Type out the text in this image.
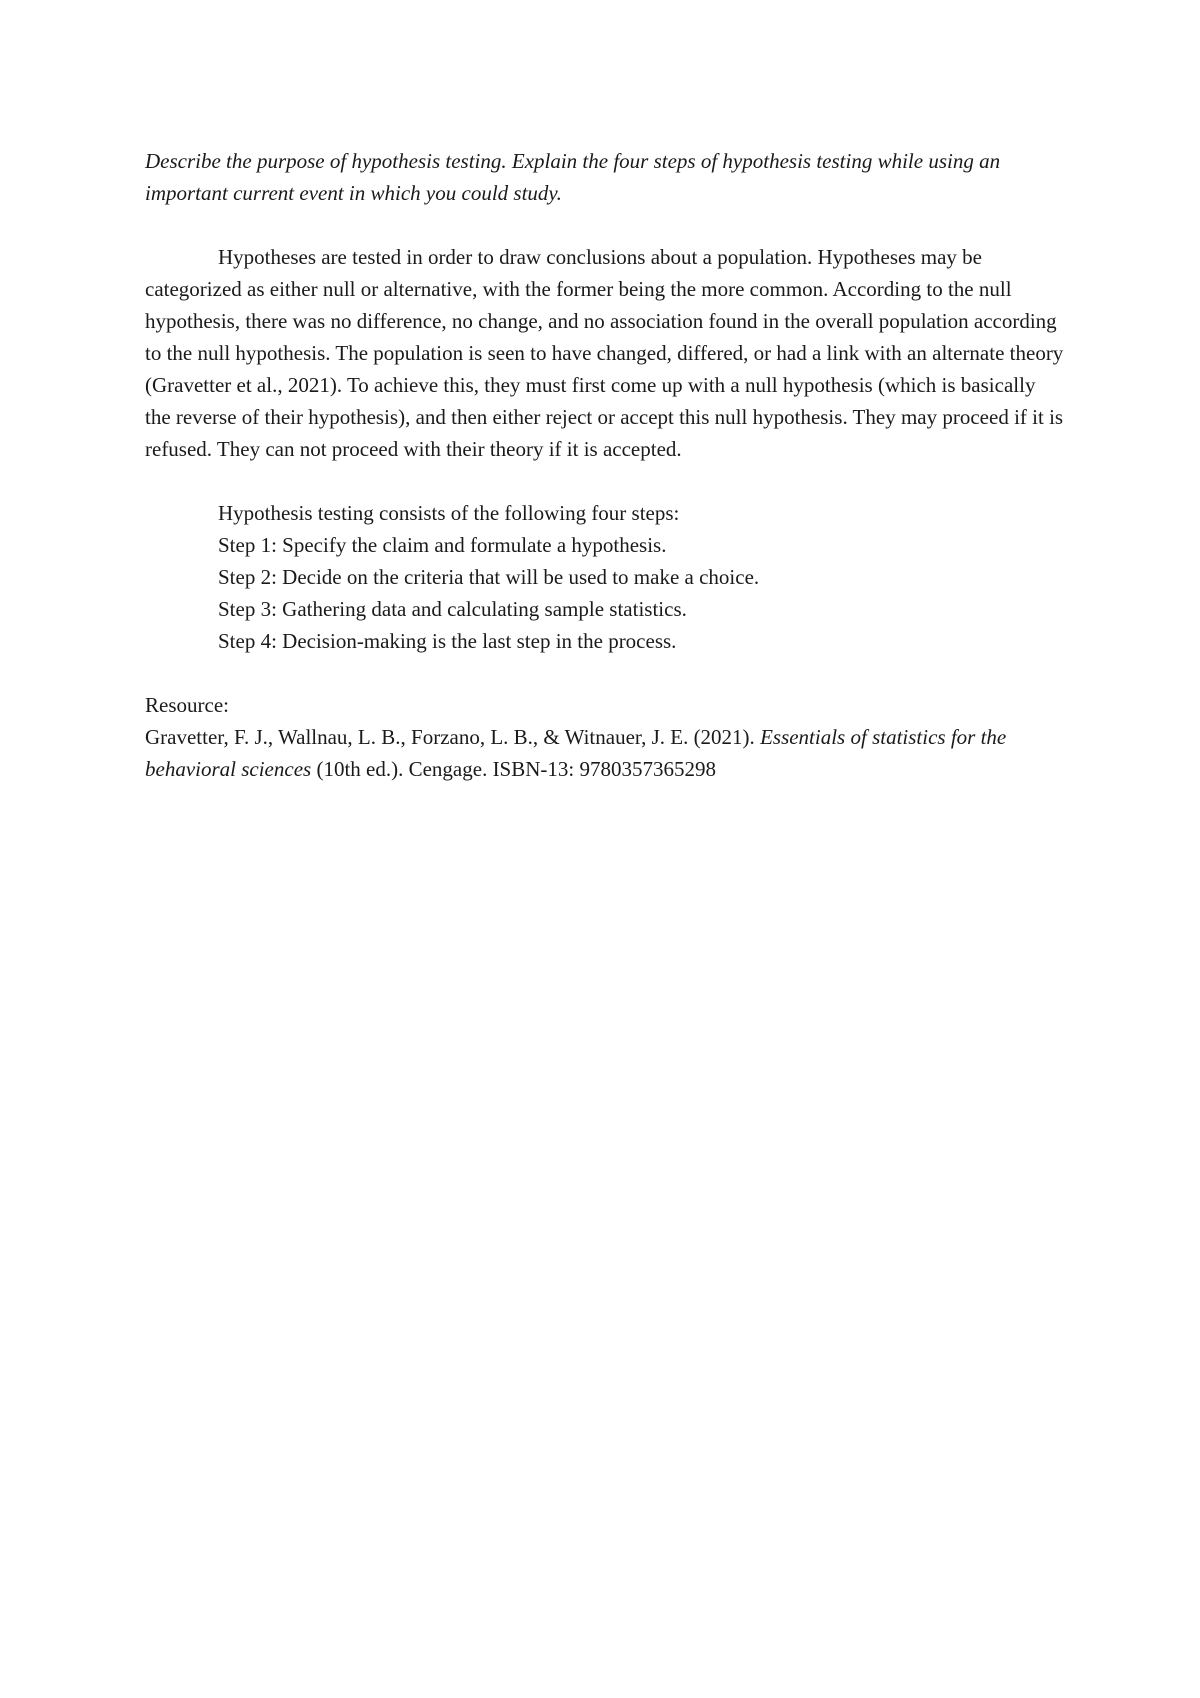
Describe the purpose of hypothesis testing. Explain the four steps of hypothesis testing while using an important current event in which you could study.

Hypotheses are tested in order to draw conclusions about a population. Hypotheses may be categorized as either null or alternative, with the former being the more common. According to the null hypothesis, there was no difference, no change, and no association found in the overall population according to the null hypothesis. The population is seen to have changed, differed, or had a link with an alternate theory (Gravetter et al., 2021). To achieve this, they must first come up with a null hypothesis (which is basically the reverse of their hypothesis), and then either reject or accept this null hypothesis. They may proceed if it is refused. They can not proceed with their theory if it is accepted.

Hypothesis testing consists of the following four steps:
Step 1: Specify the claim and formulate a hypothesis.
Step 2: Decide on the criteria that will be used to make a choice.
Step 3: Gathering data and calculating sample statistics.
Step 4: Decision-making is the last step in the process.

Resource:

Gravetter, F. J., Wallnau, L. B., Forzano, L. B., & Witnauer, J. E. (2021). Essentials of statistics for the behavioral sciences (10th ed.). Cengage. ISBN-13: 9780357365298
